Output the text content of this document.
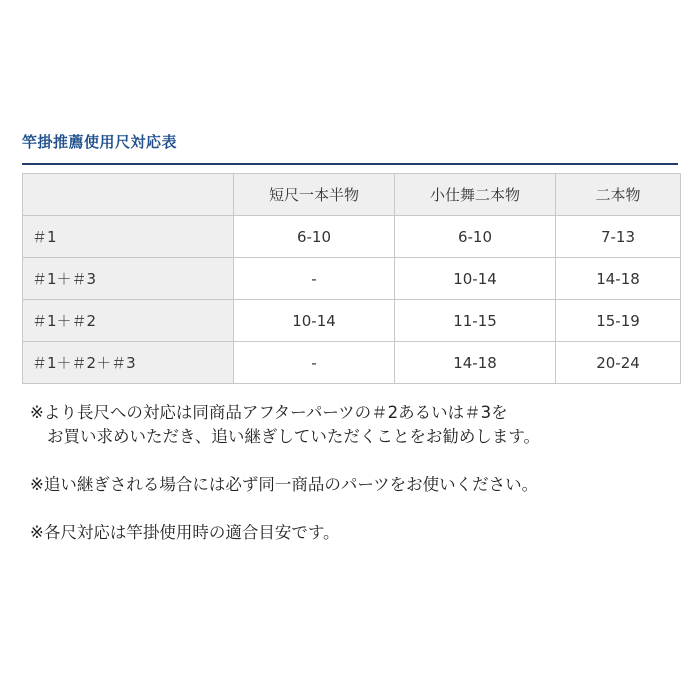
竿掛推薦使用尺対応表
	短尺一本半物	小仕舞二本物	二本物
＃1	6-10	6-10	7-13
＃1＋＃3	-	10-14	14-18
＃1＋＃2	10-14	11-15	15-19
＃1＋＃2＋＃3	-	14-18	20-24

※より長尺への対応は同商品アフターパーツの＃2あるいは＃3を

お買い求めいただき、追い継ぎしていただくことをお勧めします。

※追い継ぎされる場合には必ず同一商品のパーツをお使いください。

※各尺対応は竿掛使用時の適合目安です。
